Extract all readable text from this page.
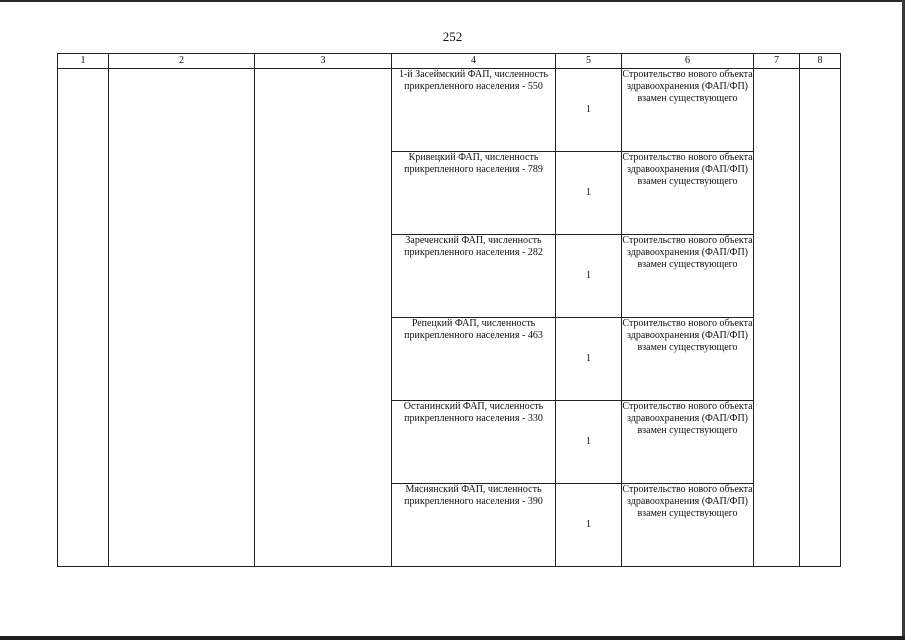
252
1	2	3	4	5	6	7	8
			1-й Засеймский ФАП, численность прикрепленного населения - 550	1	Строительство нового объекта здравоохранения (ФАП/ФП) взамен существующего		
			Кривецкий ФАП, численность прикрепленного населения - 789	1	Строительство нового объекта здравоохранения (ФАП/ФП) взамен существующего		
			Зареченский ФАП, численность прикрепленного населения - 282	1	Строительство нового объекта здравоохранения (ФАП/ФП) взамен существующего		
			Репецкий ФАП, численность прикрепленного населения - 463	1	Строительство нового объекта здравоохранения (ФАП/ФП) взамен существующего		
			Останинский ФАП, численность прикрепленного населения - 330	1	Строительство нового объекта здравоохранения (ФАП/ФП) взамен существующего		
			Мяснянский ФАП, численность прикрепленного населения - 390	1	Строительство нового объекта здравоохранения (ФАП/ФП) взамен существующего		
